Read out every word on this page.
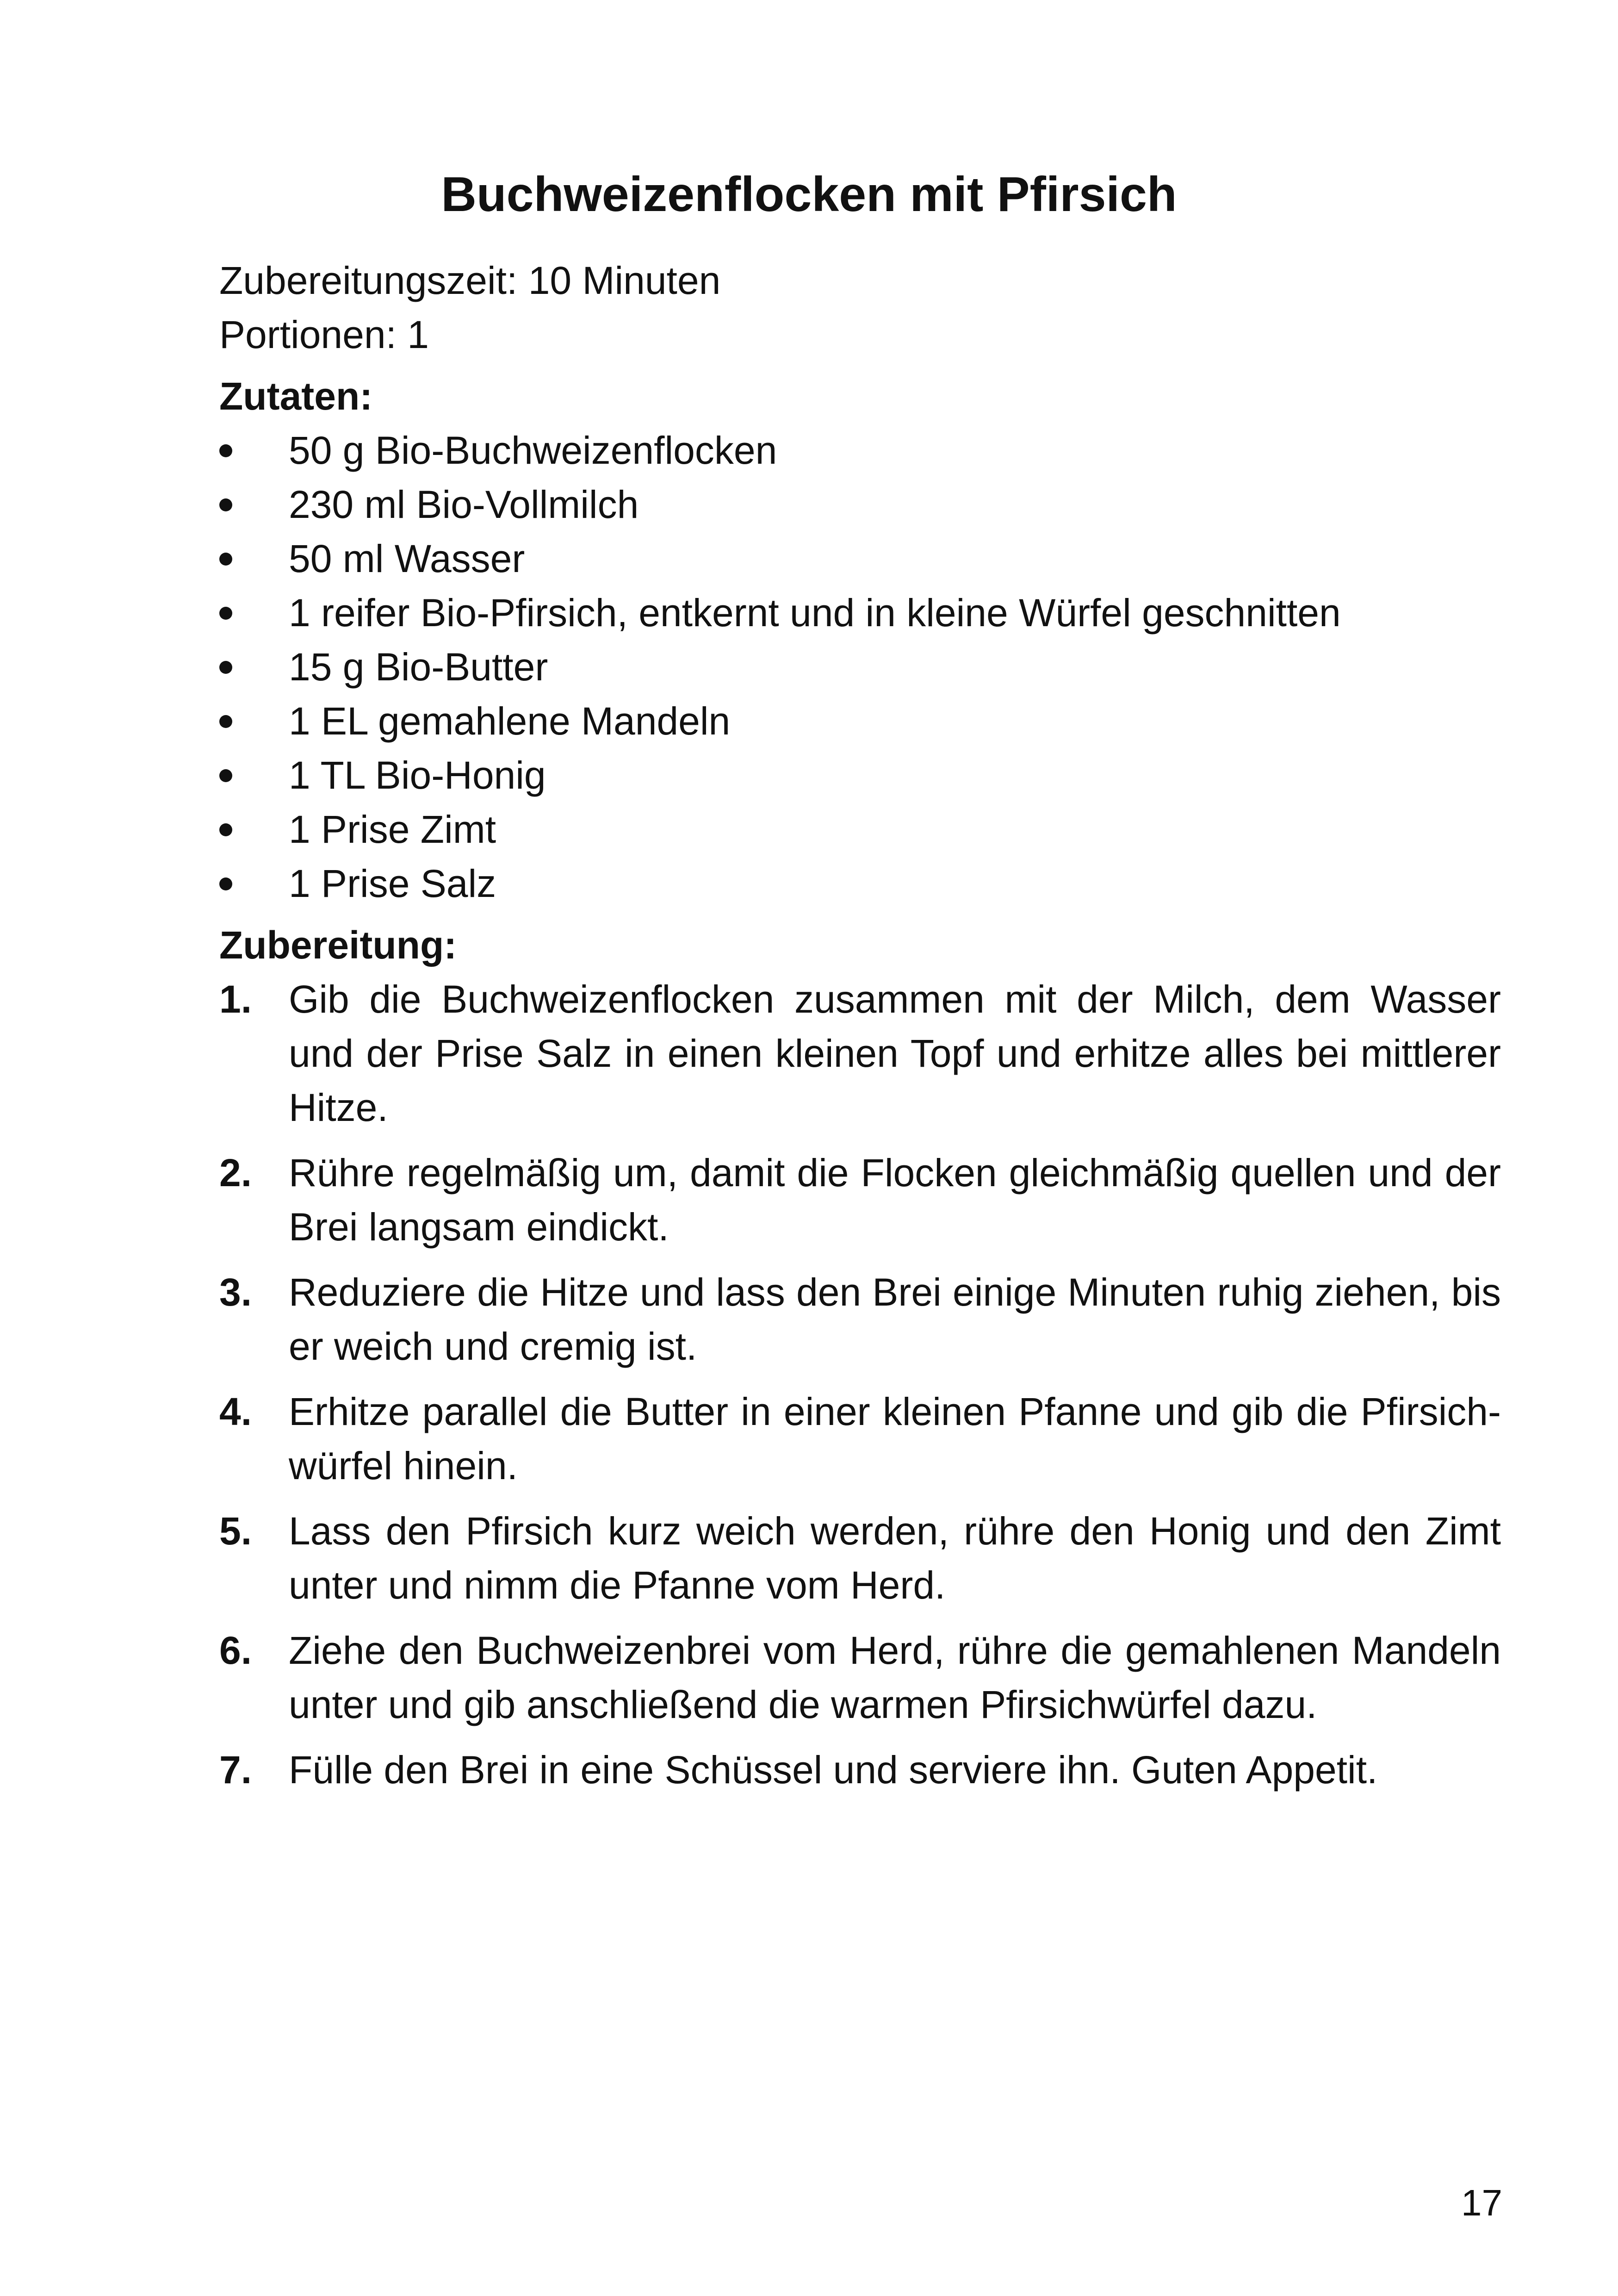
Buchweizenflocken mit Pfirsich

Zubereitungszeit: 10 Minuten

Portionen: 1

Zutaten:

50 g Bio-Buchweizenflocken
230 ml Bio-Vollmilch
50 ml Wasser
1 reifer Bio-Pfirsich, entkernt und in kleine Würfel geschnitten
15 g Bio-Butter
1 EL gemahlene Mandeln
1 TL Bio-Honig
1 Prise Zimt
1 Prise Salz

Zubereitung:

1. Gib die Buchweizenflocken zusammen mit der Milch, dem Wasser und der Prise Salz in einen kleinen Topf und erhitze alles bei mittlerer Hitze.
2. Rühre regelmäßig um, damit die Flocken gleichmäßig quellen und der Brei langsam eindickt.
3. Reduziere die Hitze und lass den Brei einige Minuten ruhig ziehen, bis er weich und cremig ist.
4. Erhitze parallel die Butter in einer kleinen Pfanne und gib die Pfirsichwürfel hinein.
5. Lass den Pfirsich kurz weich werden, rühre den Honig und den Zimt unter und nimm die Pfanne vom Herd.
6. Ziehe den Buchweizenbrei vom Herd, rühre die gemahlenen Mandeln unter und gib anschließend die warmen Pfirsichwürfel dazu.
7. Fülle den Brei in eine Schüssel und serviere ihn. Guten Appetit.
17
